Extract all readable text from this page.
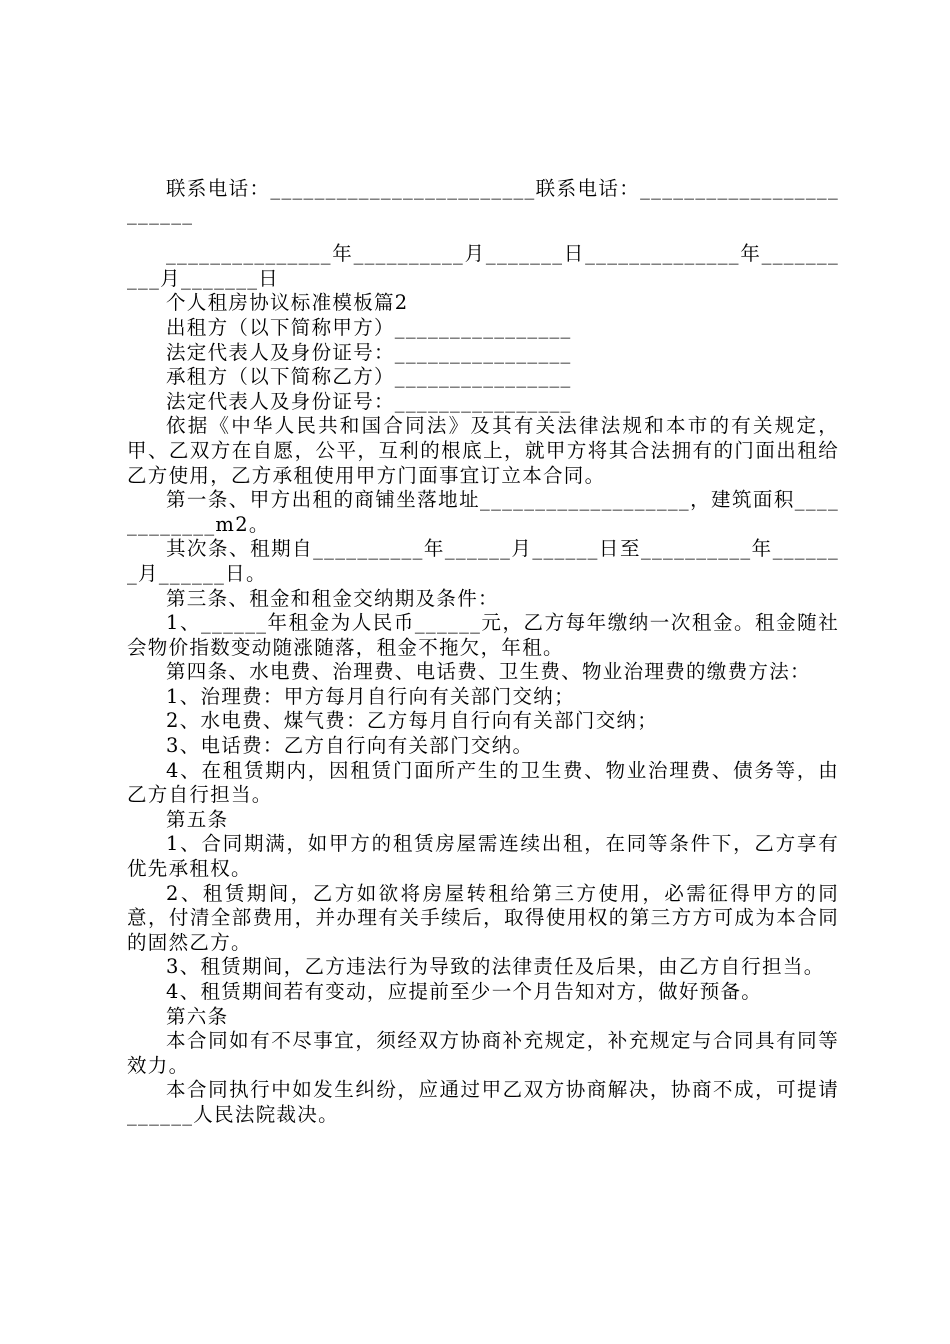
联系电话：________________________联系电话：________________________

_______________年__________月_______日______________年__________月_______日

个人租房协议标准模板篇2

出租方（以下简称甲方）________________

法定代表人及身份证号：________________

承租方（以下简称乙方）________________

法定代表人及身份证号：________________

依据《中华人民共和国合同法》及其有关法律法规和本市的有关规定，甲、乙双方在自愿，公平，互利的根底上，就甲方将其合法拥有的门面出租给乙方使用，乙方承租使用甲方门面事宜订立本合同。

第一条、甲方出租的商铺坐落地址___________________，建筑面积____________m2。

其次条、租期自__________年______月______日至__________年_______月______日。

第三条、租金和租金交纳期及条件：

1、______年租金为人民币______元，乙方每年缴纳一次租金。租金随社会物价指数变动随涨随落，租金不拖欠，年租。

第四条、水电费、治理费、电话费、卫生费、物业治理费的缴费方法：

1、治理费：甲方每月自行向有关部门交纳；

2、水电费、煤气费：乙方每月自行向有关部门交纳；

3、电话费：乙方自行向有关部门交纳。

4、在租赁期内，因租赁门面所产生的卫生费、物业治理费、债务等，由乙方自行担当。

第五条

1、合同期满，如甲方的租赁房屋需连续出租，在同等条件下，乙方享有优先承租权。

2、租赁期间，乙方如欲将房屋转租给第三方使用，必需征得甲方的同意，付清全部费用，并办理有关手续后，取得使用权的第三方方可成为本合同的固然乙方。

3、租赁期间，乙方违法行为导致的法律责任及后果，由乙方自行担当。

4、租赁期间若有变动，应提前至少一个月告知对方，做好预备。

第六条

本合同如有不尽事宜，须经双方协商补充规定，补充规定与合同具有同等效力。

本合同执行中如发生纠纷，应通过甲乙双方协商解决，协商不成，可提请______人民法院裁决。
